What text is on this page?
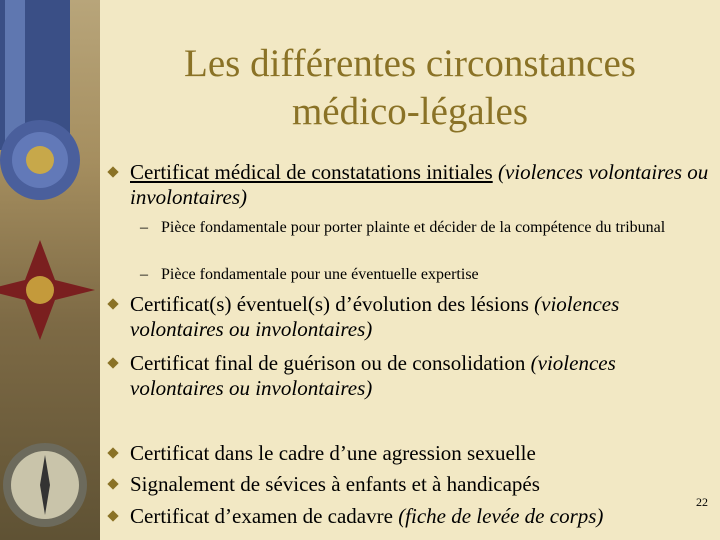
Les différentes circonstances
médico-légales
Certificat médical de constatations initiales (violences volontaires ou involontaires)
– Pièce fondamentale pour porter plainte et décider de la compétence du tribunal
– Pièce fondamentale pour une éventuelle expertise
Certificat(s) éventuel(s) d’évolution des lésions (violences volontaires ou involontaires)
Certificat final de guérison ou de consolidation (violences volontaires ou involontaires)
Certificat dans le cadre d’une agression sexuelle
Signalement de sévices à enfants et à handicapés
Certificat d’examen de cadavre (fiche de levée de corps)
22
